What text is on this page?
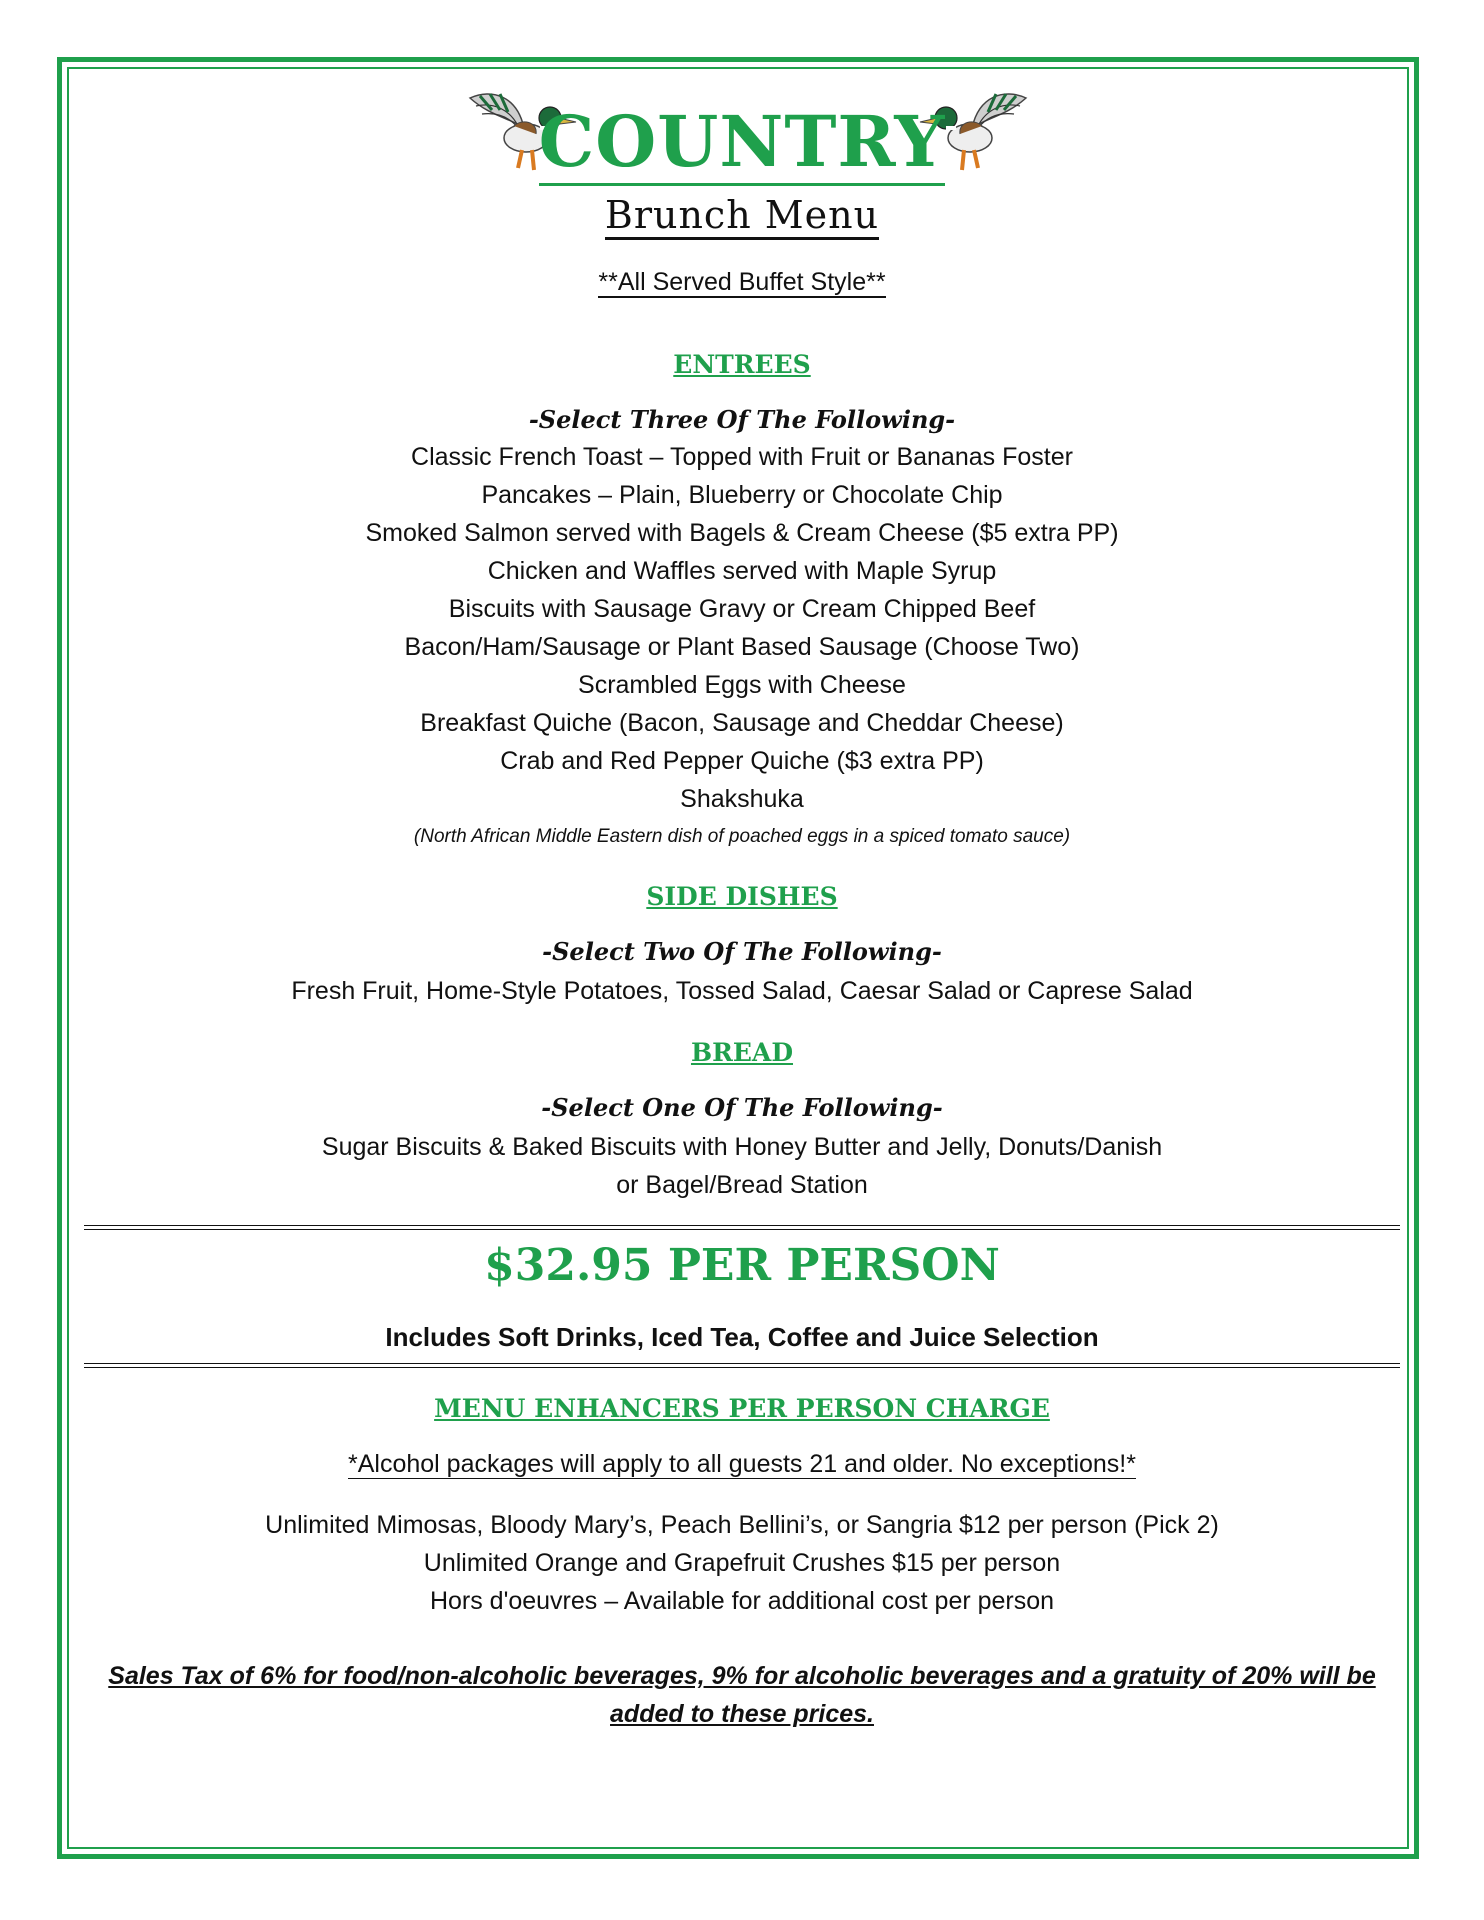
COUNTRY
Brunch Menu
**All Served Buffet Style**
ENTREES
-Select Three Of The Following-
Classic French Toast – Topped with Fruit or Bananas Foster
Pancakes – Plain, Blueberry or Chocolate Chip
Smoked Salmon served with Bagels & Cream Cheese ($5 extra PP)
Chicken and Waffles served with Maple Syrup
Biscuits with Sausage Gravy or Cream Chipped Beef
Bacon/Ham/Sausage or Plant Based Sausage (Choose Two)
Scrambled Eggs with Cheese
Breakfast Quiche (Bacon, Sausage and Cheddar Cheese)
Crab and Red Pepper Quiche ($3 extra PP)
Shakshuka
(North African Middle Eastern dish of poached eggs in a spiced tomato sauce)
SIDE DISHES
-Select Two Of The Following-
Fresh Fruit, Home-Style Potatoes, Tossed Salad, Caesar Salad or Caprese Salad
BREAD
-Select One Of The Following-
Sugar Biscuits & Baked Biscuits with Honey Butter and Jelly, Donuts/Danish
or Bagel/Bread Station
$32.95 PER PERSON
Includes Soft Drinks, Iced Tea, Coffee and Juice Selection
MENU ENHANCERS PER PERSON CHARGE
*Alcohol packages will apply to all guests 21 and older. No exceptions!*
Unlimited Mimosas, Bloody Mary’s, Peach Bellini’s, or Sangria $12 per person (Pick 2)
Unlimited Orange and Grapefruit Crushes $15 per person
Hors d'oeuvres – Available for additional cost per person
Sales Tax of 6% for food/non-alcoholic beverages, 9% for alcoholic beverages and a gratuity of 20% will be
added to these prices.
